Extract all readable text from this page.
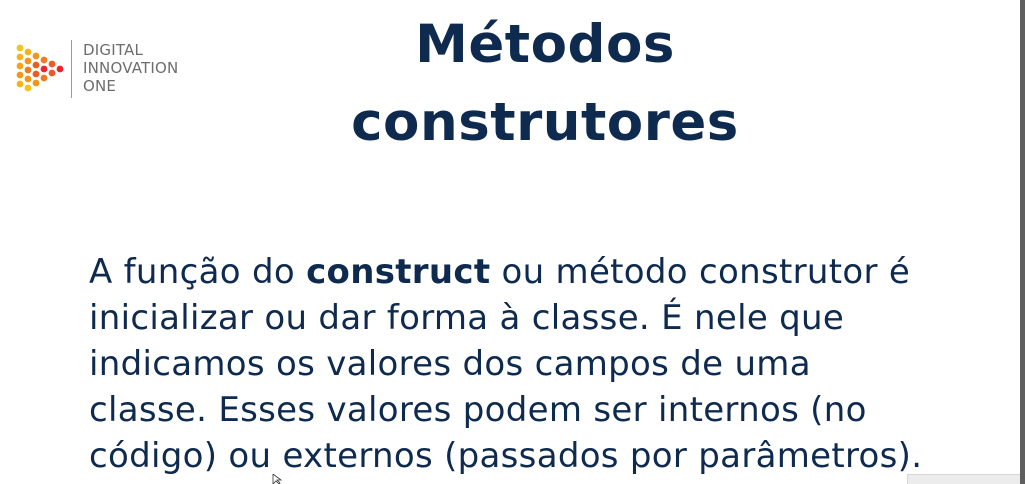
DIGITAL
INNOVATION
ONE
Métodos
construtores
A função do construct ou método construtor é
inicializar ou dar forma à classe. É nele que
indicamos os valores dos campos de uma
classe. Esses valores podem ser internos (no
código) ou externos (passados por parâmetros).
